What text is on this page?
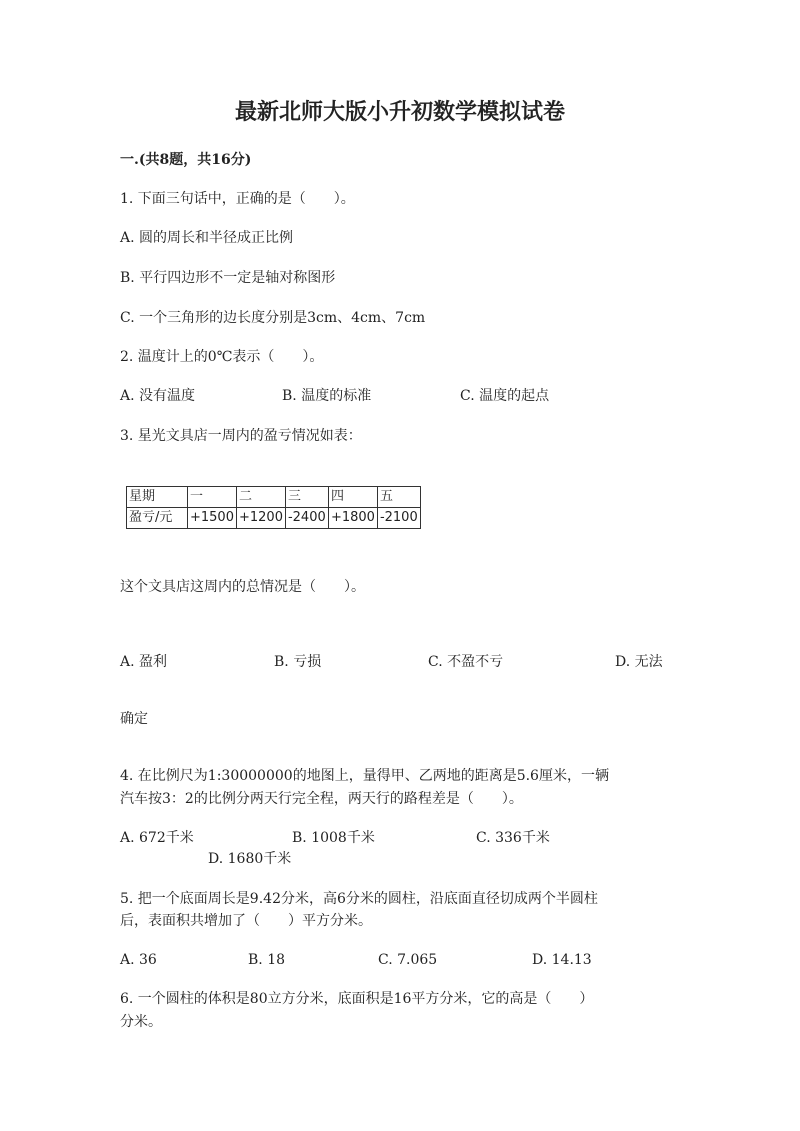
最新北师大版小升初数学模拟试卷
一.(共8题，共16分)
1. 下面三句话中，正确的是（　　）。
A. 圆的周长和半径成正比例
B. 平行四边形不一定是轴对称图形
C. 一个三角形的边长度分别是3cm、4cm、7cm
2. 温度计上的0℃表示（　　）。
A. 没有温度	B. 温度的标准	C. 温度的起点
3. 星光文具店一周内的盈亏情况如表：
星期	一	二	三	四	五
盈亏/元	+1500	+1200	-2400	+1800	-2100
这个文具店这周内的总情况是（　　）。
A. 盈利	B. 亏损	C. 不盈不亏	D. 无法
确定
4. 在比例尺为1:30000000的地图上，量得甲、乙两地的距离是5.6厘米，一辆
汽车按3：2的比例分两天行完全程，两天行的路程差是（　　）。
A. 672千米	B. 1008千米	C. 336千米
D. 1680千米
5. 把一个底面周长是9.42分米，高6分米的圆柱，沿底面直径切成两个半圆柱
后，表面积共增加了（　　）平方分米。
A. 36	B. 18	C. 7.065	D. 14.13
6. 一个圆柱的体积是80立方分米，底面积是16平方分米，它的高是（　　）
分米。
